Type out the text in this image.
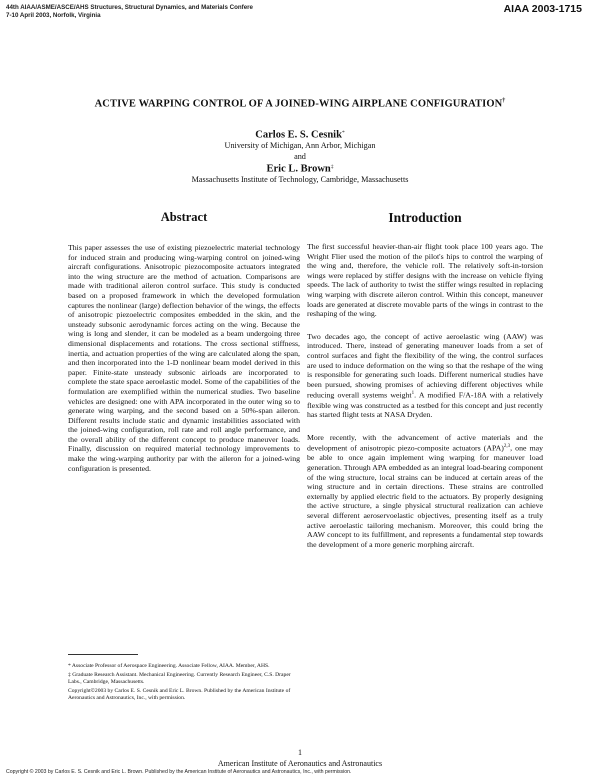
44th AIAA/ASME/ASCE/AHS Structures, Structural Dynamics, and Materials Confere
7-10 April 2003, Norfolk, Virginia
AIAA 2003-1715
ACTIVE WARPING CONTROL OF A JOINED-WING AIRPLANE CONFIGURATION†
Carlos E. S. Cesnik*
University of Michigan, Ann Arbor, Michigan
and
Eric L. Brown‡
Massachusetts Institute of Technology, Cambridge, Massachusetts
Abstract

This paper assesses the use of existing piezoelectric material technology for induced strain and producing wing-warping control on joined-wing aircraft configurations. Anisotropic piezocomposite actuators integrated into the wing structure are the method of actuation. Comparisons are made with traditional aileron control surface. This study is conducted based on a proposed framework in which the developed formulation captures the nonlinear (large) deflection behavior of the wings, the effects of anisotropic piezoelectric composites embedded in the skin, and the unsteady subsonic aerodynamic forces acting on the wing. Because the wing is long and slender, it can be modeled as a beam undergoing three dimensional displacements and rotations. The cross sectional stiffness, inertia, and actuation properties of the wing are calculated along the span, and then incorporated into the 1-D nonlinear beam model derived in this paper. Finite-state unsteady subsonic airloads are incorporated to complete the state space aeroelastic model. Some of the capabilities of the formulation are exemplified within the numerical studies. Two baseline vehicles are designed: one with APA incorporated in the outer wing so to generate wing warping, and the second based on a 50%-span aileron. Different results include static and dynamic instabilities associated with the joined-wing configuration, roll rate and roll angle performance, and the overall ability of the different concept to produce maneuver loads. Finally, discussion on required material technology improvements to make the wing-warping authority par with the aileron for a joined-wing configuration is presented.

* Associate Professor of Aerospace Engineering. Associate Fellow, AIAA. Member, AHS.

‡ Graduate Research Assistant. Mechanical Engineering. Currently Research Engineer, C.S. Draper Labs., Cambridge, Massachusetts.

Copyright©2003 by Carlos E. S. Cesnik and Eric L. Brown. Published by the American Institute of Aeronautics and Astronautics, Inc., with permission.

Introduction

The first successful heavier-than-air flight took place 100 years ago. The Wright Flier used the motion of the pilot's hips to control the warping of the wing and, therefore, the vehicle roll. The relatively soft-in-torsion wings were replaced by stiffer designs with the increase on vehicle flying speeds. The lack of authority to twist the stiffer wings resulted in replacing wing warping with discrete aileron control. Within this concept, maneuver loads are generated at discrete movable parts of the wings in contrast to the reshaping of the wing.

Two decades ago, the concept of active aeroelastic wing (AAW) was introduced. There, instead of generating maneuver loads from a set of control surfaces and fight the flexibility of the wing, the control surfaces are used to induce deformation on the wing so that the reshape of the wing is responsible for generating such loads. Different numerical studies have been pursued, showing promises of achieving different objectives while reducing overall systems weight$^1$. A modified F/A-18A with a relatively flexible wing was constructed as a testbed for this concept and just recently has started flight tests at NASA Dryden.

More recently, with the advancement of active materials and the development of anisotropic piezo-composite actuators (APA)$^{2,3}$, one may be able to once again implement wing warping for maneuver load generation. Through APA embedded as an integral load-bearing component of the wing structure, local strains can be induced at certain areas of the wing structure and in certain directions. These strains are controlled externally by applied electric field to the actuators. By properly designing the active structure, a single physical structural realization can achieve several different aeroservoelastic objectives, presenting itself as a truly active aeroelastic tailoring mechanism. Moreover, this could bring the AAW concept to its fulfillment, and represents a fundamental step towards the development of a more generic morphing aircraft.

1
American Institute of Aeronautics and Astronautics
Copyright © 2003 by Carlos E. S. Cesnik and Eric L. Brown. Published by the American Institute of Aeronautics and Astronautics, Inc., with permission.
